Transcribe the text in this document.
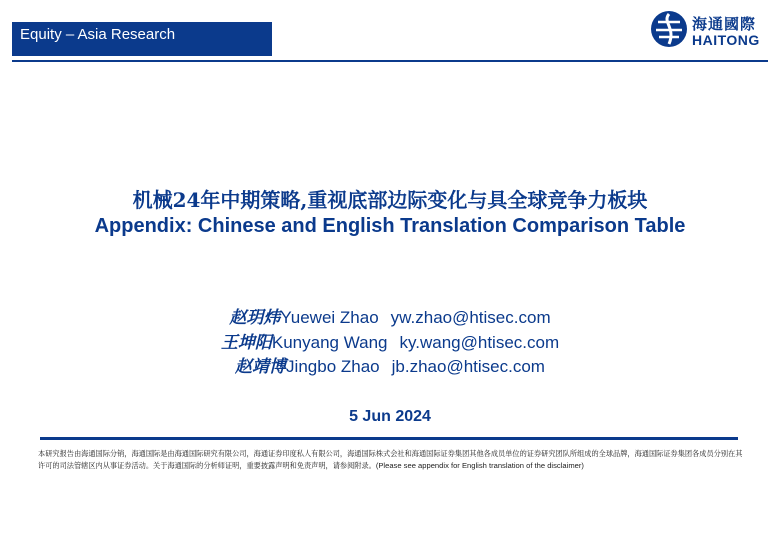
Equity – Asia Research
海通國際
HAITONG
机械24年中期策略,重视底部边际变化与具全球竞争力板块
Appendix: Chinese and English Translation Comparison Table
赵玥炜Yuewei Zhao yw.zhao@htisec.com
王坤阳Kunyang Wang ky.wang@htisec.com
赵靖博Jingbo Zhao jb.zhao@htisec.com
5 Jun 2024
本研究报告由海通国际分销，海通国际是由海通国际研究有限公司，海通证券印度私人有限公司，海通国际株式会社和海通国际证券集团其他各成员单位的证券研究团队所组成的全球品牌，海通国际证券集团各成员分别在其许可的司法管辖区内从事证券活动。关于海通国际的分析师证明，重要披露声明和免责声明，请参阅附录。(Please see appendix for English translation of the disclaimer)
